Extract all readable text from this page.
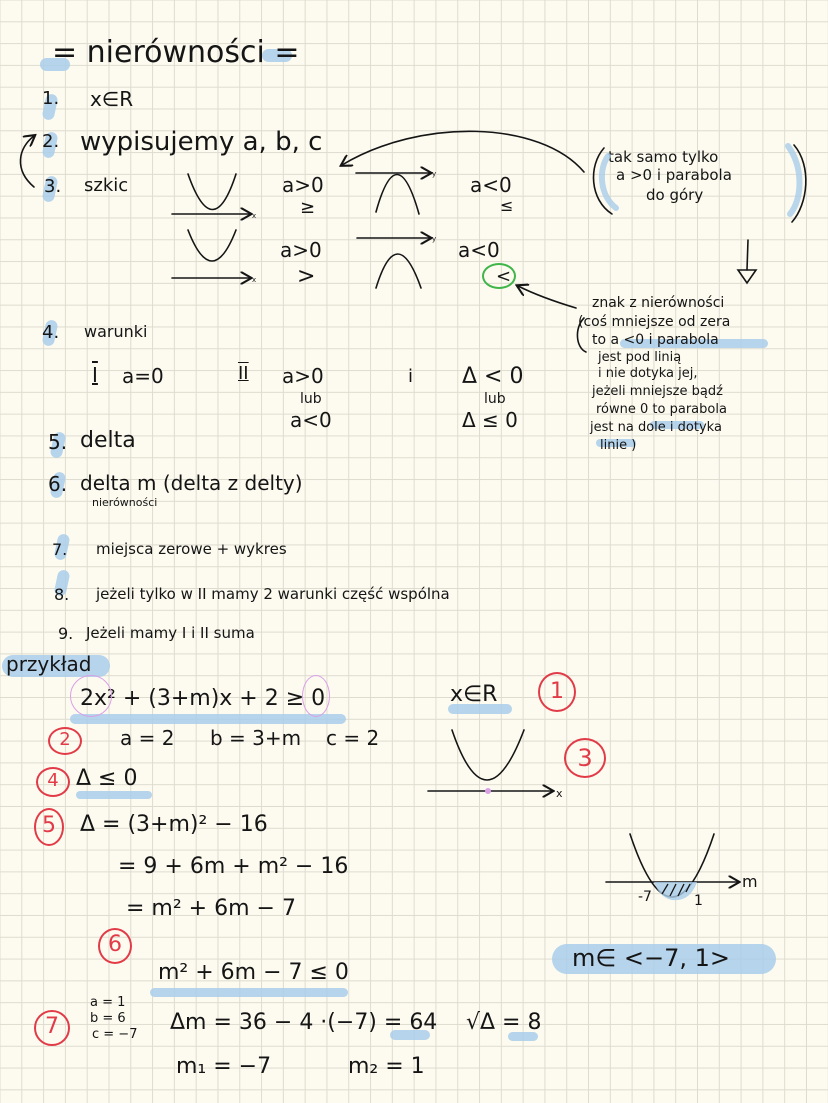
= nierówności =
1. x∈R
2. wypisujemy a, b, c
3. szkic	a>0
≥
a<0
≤
a>0
>
a<0
<
tak samo tylko
a >0 i parabola
do góry
znak z nierówności
(coś mniejsze od zera
to a <0 i parabola
jest pod linią
i nie dotyka jej,
jeżeli mniejsze bądź
równe 0 to parabola
jest na dole i dotyka
linie )
4. warunki
I a=0	II a>0
lub
a<0
i Δ < 0
lub
Δ ≤ 0
5. delta
6. delta m (delta z delty)
nierówności
7. miejsca zerowe + wykres
8. jeżeli tylko w II mamy 2 warunki część wspólna
9. Jeżeli mamy I i II suma
przykład
2x² + (3+m)x + 2 ≥ 0	x∈R	1
2	a = 2 b = 3+m c = 2
3
4 Δ ≤ 0
5	Δ = (3+m)² − 16
= 9 + 6m + m² − 16
= m² + 6m − 7
6
m² + 6m − 7 ≤ 0
7
a = 1
b = 6
c = −7 Δm = 36 − 4 ·(−7) = 64 √Δ = 8
m₁ = −7	m₂ = 1
-7	1
m
m∈ <−7, 1>
x
x
x
y
y
